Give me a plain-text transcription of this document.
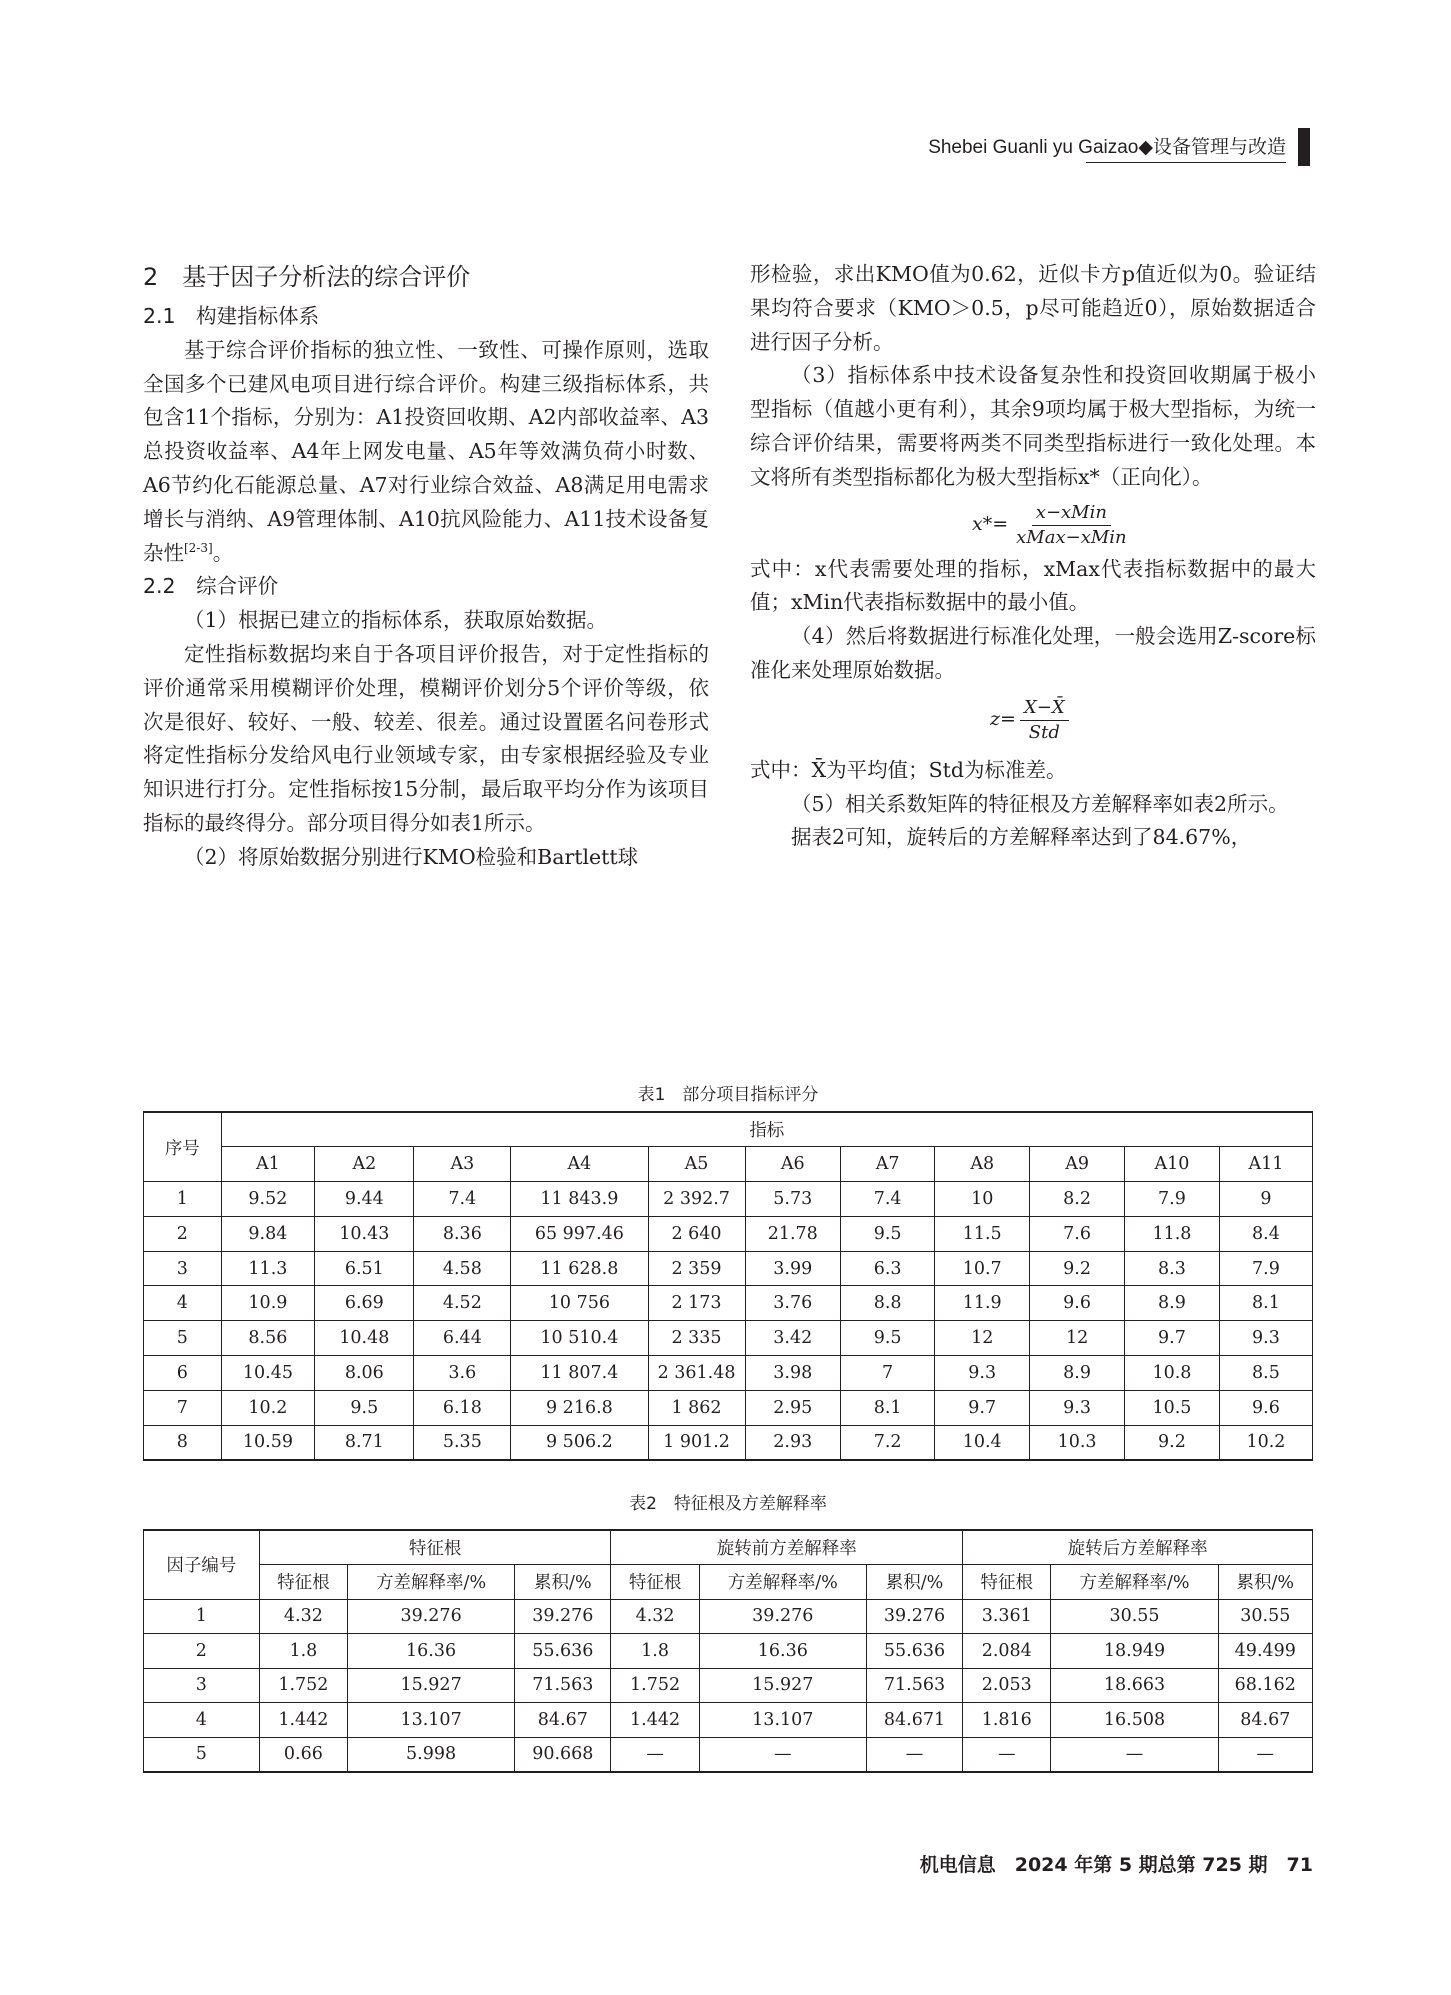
Shebei Guanli yu Gaizao◆设备管理与改造
2　基于因子分析法的综合评价
2.1　构建指标体系

基于综合评价指标的独立性、一致性、可操作原则，选取全国多个已建风电项目进行综合评价。构建三级指标体系，共包含11个指标，分别为：A1投资回收期、A2内部收益率、A3总投资收益率、A4年上网发电量、A5年等效满负荷小时数、A6节约化石能源总量、A7对行业综合效益、A8满足用电需求增长与消纳、A9管理体制、A10抗风险能力、A11技术设备复杂性[2-3]。

2.2　综合评价

（1）根据已建立的指标体系，获取原始数据。

定性指标数据均来自于各项目评价报告，对于定性指标的评价通常采用模糊评价处理，模糊评价划分5个评价等级，依次是很好、较好、一般、较差、很差。通过设置匿名问卷形式将定性指标分发给风电行业领域专家，由专家根据经验及专业知识进行打分。定性指标按15分制，最后取平均分作为该项目指标的最终得分。部分项目得分如表1所示。

（2）将原始数据分别进行KMO检验和Bartlett球

形检验，求出KMO值为0.62，近似卡方p值近似为0。验证结果均符合要求（KMO＞0.5，p尽可能趋近0），原始数据适合进行因子分析。

（3）指标体系中技术设备复杂性和投资回收期属于极小型指标（值越小更有利），其余9项均属于极大型指标，为统一综合评价结果，需要将两类不同类型指标进行一致化处理。本文将所有类型指标都化为极大型指标x*（正向化）。

$x*= \frac{\text{x−xMin}}{\text{xMax−xMin}}$

式中：x代表需要处理的指标，xMax代表指标数据中的最大值；xMin代表指标数据中的最小值。

（4）然后将数据进行标准化处理，一般会选用Z-score标准化来处理原始数据。

$z= \frac{X-X̄}{\text{Std}}$

式中：X̄为平均值；Std为标准差。

（5）相关系数矩阵的特征根及方差解释率如表2所示。

据表2可知，旋转后的方差解释率达到了84.67%，

表1　部分项目指标评分
序号	指标										
	A1	A2	A3	A4	A5	A6	A7	A8	A9	A10	A11
1	9.52	9.44	7.4	11 843.9	2 392.7	5.73	7.4	10	8.2	7.9	9
2	9.84	10.43	8.36	65 997.46	2 640	21.78	9.5	11.5	7.6	11.8	8.4
3	11.3	6.51	4.58	11 628.8	2 359	3.99	6.3	10.7	9.2	8.3	7.9
4	10.9	6.69	4.52	10 756	2 173	3.76	8.8	11.9	9.6	8.9	8.1
5	8.56	10.48	6.44	10 510.4	2 335	3.42	9.5	12	12	9.7	9.3
6	10.45	8.06	3.6	11 807.4	2 361.48	3.98	7	9.3	8.9	10.8	8.5
7	10.2	9.5	6.18	9 216.8	1 862	2.95	8.1	9.7	9.3	10.5	9.6
8	10.59	8.71	5.35	9 506.2	1 901.2	2.93	7.2	10.4	10.3	9.2	10.2
表2　特征根及方差解释率
因子编号	特征根			旋转前方差解释率			旋转后方差解释率		
	特征根	方差解释率/%	累积/%	特征根	方差解释率/%	累积/%	特征根	方差解释率/%	累积/%
1	4.32	39.276	39.276	4.32	39.276	39.276	3.361	30.55	30.55
2	1.8	16.36	55.636	1.8	16.36	55.636	2.084	18.949	49.499
3	1.752	15.927	71.563	1.752	15.927	71.563	2.053	18.663	68.162
4	1.442	13.107	84.67	1.442	13.107	84.671	1.816	16.508	84.67
5	0.66	5.998	90.668	—	—	—	—	—	—
机电信息　2024 年第 5 期总第 725 期　71
